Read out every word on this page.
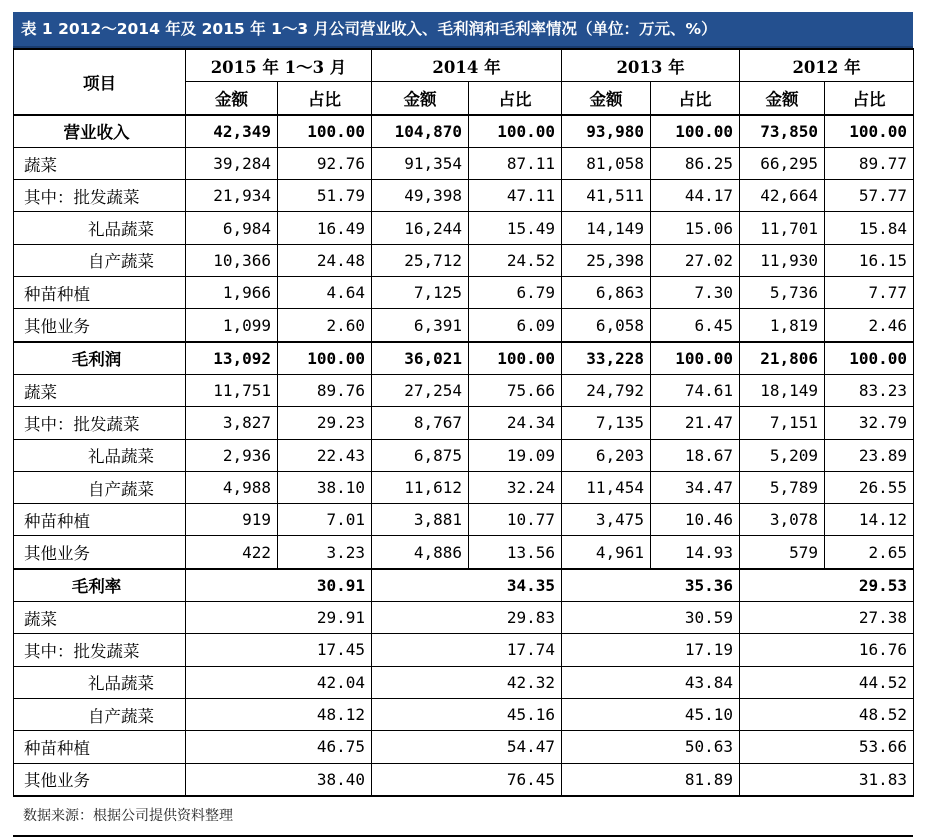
表 1 2012～2014 年及 2015 年 1～3 月公司营业收入、毛利润和毛利率情况（单位：万元、%）
项目	2015 年 1～3 月		2014 年		2013 年		2012 年	
	金额	占比	金额	占比	金额	占比	金额	占比
营业收入	42,349	100.00	104,870	100.00	93,980	100.00	73,850	100.00
蔬菜	39,284	92.76	91,354	87.11	81,058	86.25	66,295	89.77
其中：批发蔬菜	21,934	51.79	49,398	47.11	41,511	44.17	42,664	57.77
礼品蔬菜	6,984	16.49	16,244	15.49	14,149	15.06	11,701	15.84
自产蔬菜	10,366	24.48	25,712	24.52	25,398	27.02	11,930	16.15
种苗种植	1,966	4.64	7,125	6.79	6,863	7.30	5,736	7.77
其他业务	1,099	2.60	6,391	6.09	6,058	6.45	1,819	2.46
毛利润	13,092	100.00	36,021	100.00	33,228	100.00	21,806	100.00
蔬菜	11,751	89.76	27,254	75.66	24,792	74.61	18,149	83.23
其中：批发蔬菜	3,827	29.23	8,767	24.34	7,135	21.47	7,151	32.79
礼品蔬菜	2,936	22.43	6,875	19.09	6,203	18.67	5,209	23.89
自产蔬菜	4,988	38.10	11,612	32.24	11,454	34.47	5,789	26.55
种苗种植	919	7.01	3,881	10.77	3,475	10.46	3,078	14.12
其他业务	422	3.23	4,886	13.56	4,961	14.93	579	2.65
毛利率	30.91		34.35		35.36		29.53	
蔬菜	29.91		29.83		30.59		27.38	
其中：批发蔬菜	17.45		17.74		17.19		16.76	
礼品蔬菜	42.04		42.32		43.84		44.52	
自产蔬菜	48.12		45.16		45.10		48.52	
种苗种植	46.75		54.47		50.63		53.66	
其他业务	38.40		76.45		81.89		31.83	
数据来源：根据公司提供资料整理
